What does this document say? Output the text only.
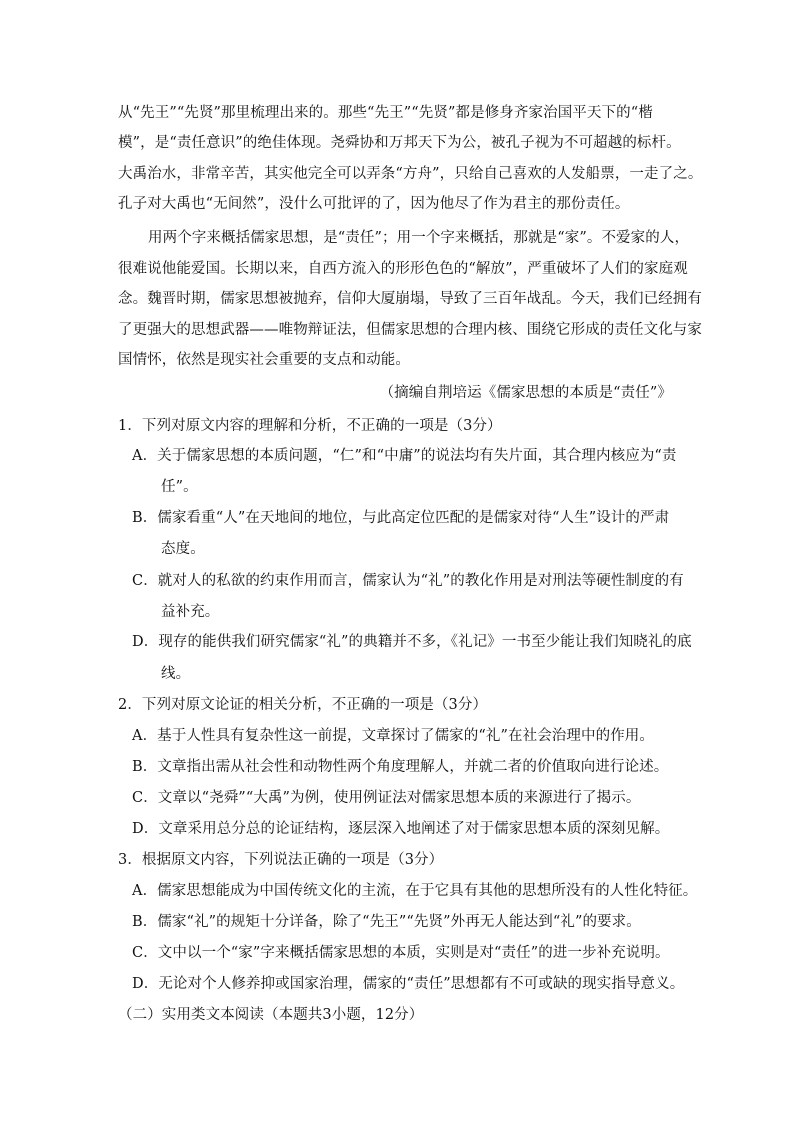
从“先王”“先贤”那里梳理出来的。那些“先王”“先贤”都是修身齐家治国平天下的“楷
模”，是“责任意识”的绝佳体现。尧舜协和万邦天下为公，被孔子视为不可超越的标杆。
大禹治水，非常辛苦，其实他完全可以弄条“方舟”，只给自己喜欢的人发船票，一走了之。
孔子对大禹也“无间然”，没什么可批评的了，因为他尽了作为君主的那份责任。
用两个字来概括儒家思想，是“责任”；用一个字来概括，那就是“家”。不爱家的人，
很难说他能爱国。长期以来，自西方流入的形形色色的“解放”，严重破坏了人们的家庭观
念。魏晋时期，儒家思想被抛弃，信仰大厦崩塌，导致了三百年战乱。今天，我们已经拥有
了更强大的思想武器——唯物辩证法，但儒家思想的合理内核、围绕它形成的责任文化与家
国情怀，依然是现实社会重要的支点和动能。
（摘编自荆培运《儒家思想的本质是“责任”》
1．下列对原文内容的理解和分析，不正确的一项是（3分）
A．关于儒家思想的本质问题，“仁”和“中庸”的说法均有失片面，其合理内核应为“责
任”。
B．儒家看重“人”在天地间的地位，与此高定位匹配的是儒家对待“人生”设计的严肃
态度。
C．就对人的私欲的约束作用而言，儒家认为“礼”的教化作用是对刑法等硬性制度的有
益补充。
D．现存的能供我们研究儒家“礼”的典籍并不多，《礼记》一书至少能让我们知晓礼的底
线。
2．下列对原文论证的相关分析，不正确的一项是（3分）
A．基于人性具有复杂性这一前提，文章探讨了儒家的“礼”在社会治理中的作用。
B．文章指出需从社会性和动物性两个角度理解人，并就二者的价值取向进行论述。
C．文章以“尧舜”“大禹”为例，使用例证法对儒家思想本质的来源进行了揭示。
D．文章采用总分总的论证结构，逐层深入地阐述了对于儒家思想本质的深刻见解。
3．根据原文内容，下列说法正确的一项是（3分）
A．儒家思想能成为中国传统文化的主流，在于它具有其他的思想所没有的人性化特征。
B．儒家“礼”的规矩十分详备，除了“先王”“先贤”外再无人能达到“礼”的要求。
C．文中以一个“家”字来概括儒家思想的本质，实则是对“责任”的进一步补充说明。
D．无论对个人修养抑或国家治理，儒家的“责任”思想都有不可或缺的现实指导意义。
（二）实用类文本阅读（本题共3小题，12分）
